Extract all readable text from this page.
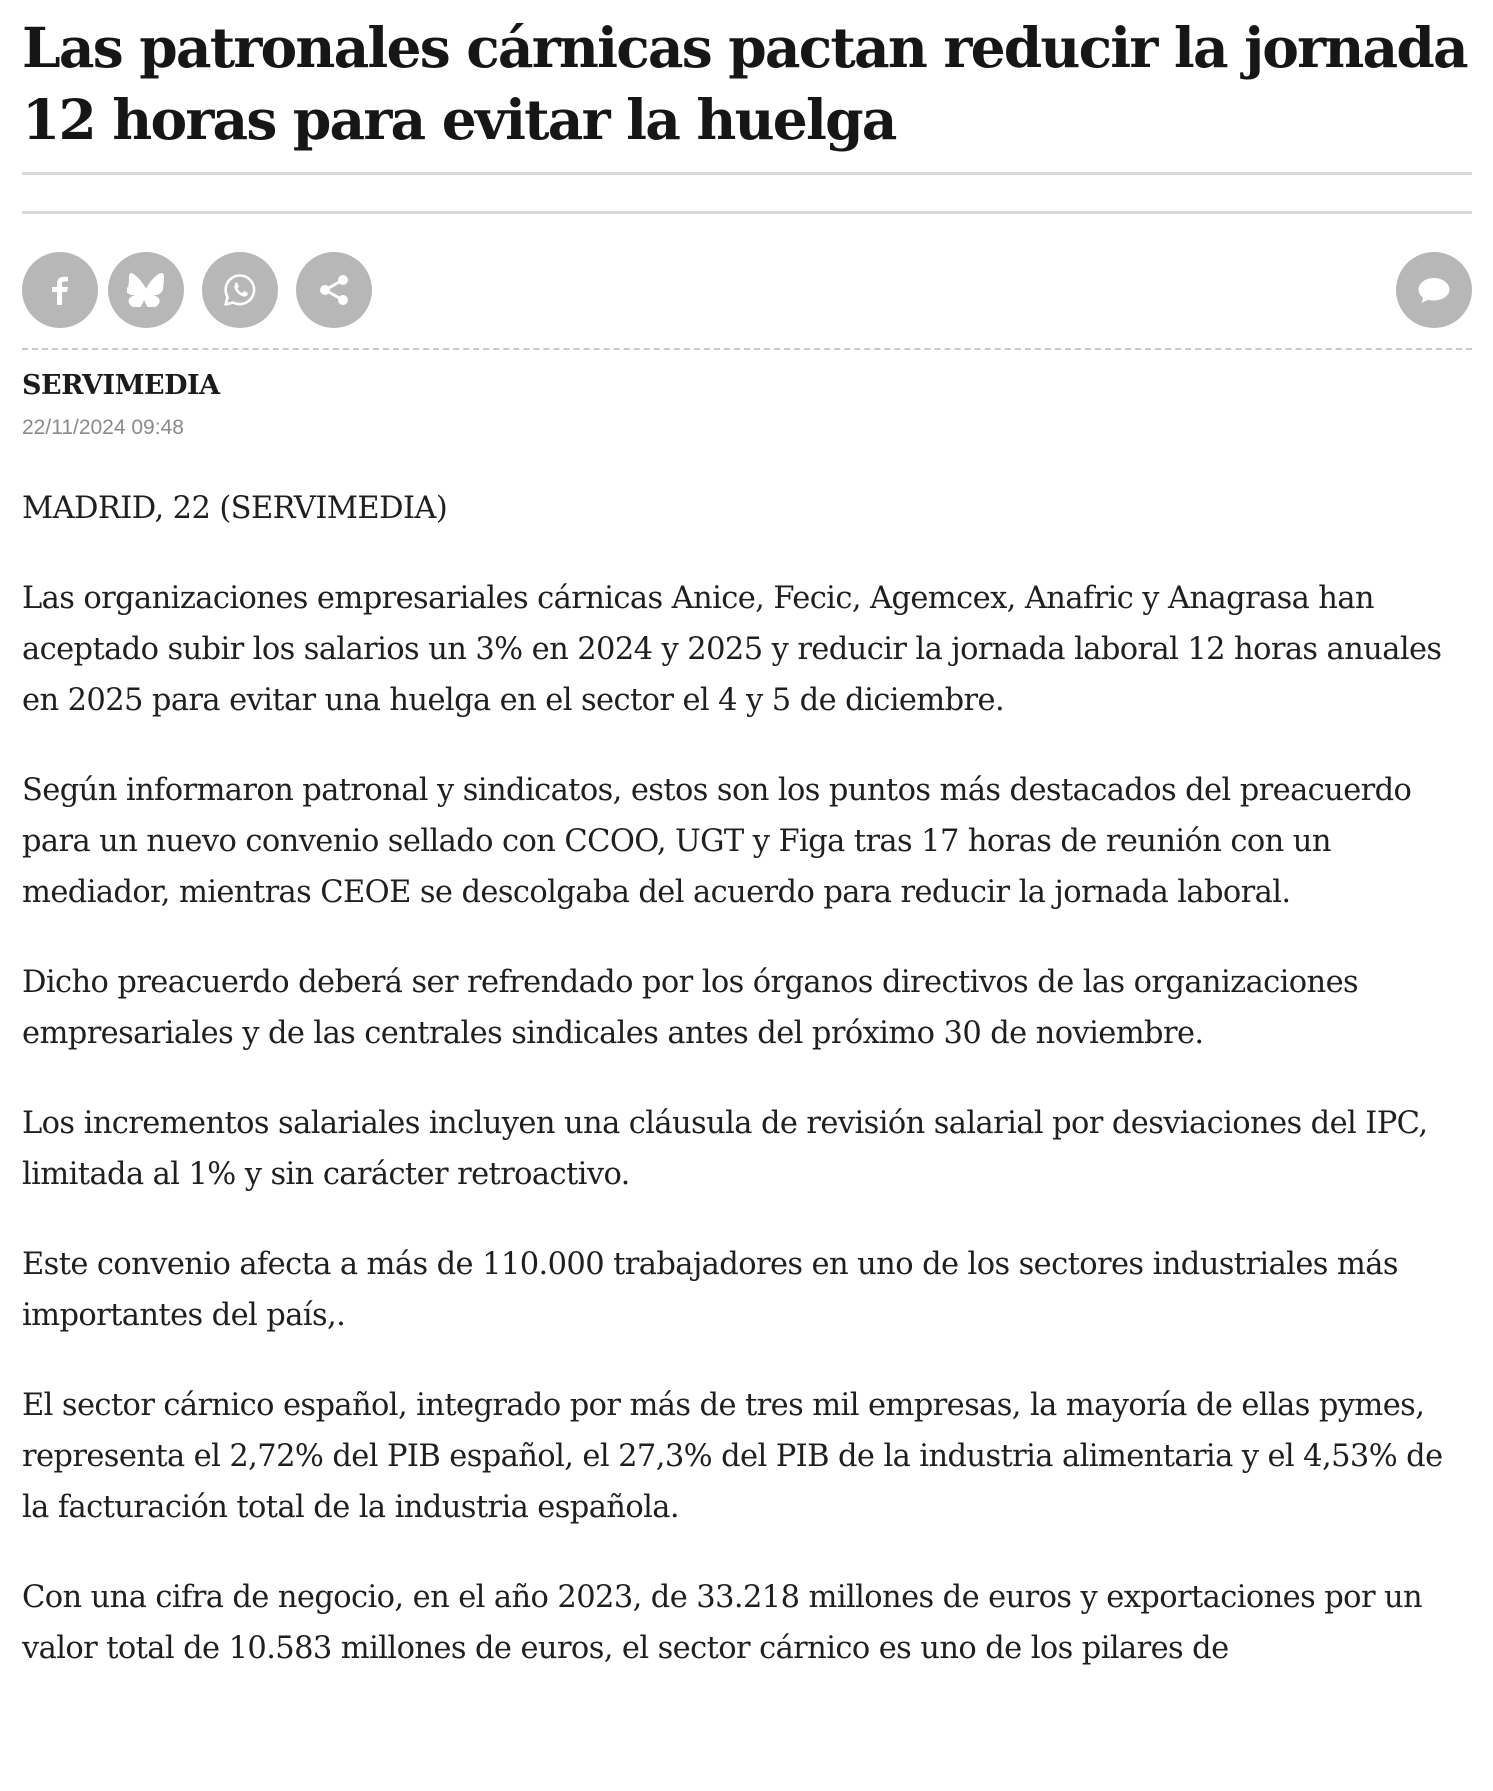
Las patronales cárnicas pactan reducir la jornada 12 horas para evitar la huelga
SERVIMEDIA
22/11/2024 09:48

MADRID, 22 (SERVIMEDIA)

Las organizaciones empresariales cárnicas Anice, Fecic, Agemcex, Anafric y Anagrasa han aceptado subir los salarios un 3% en 2024 y 2025 y reducir la jornada laboral 12 horas anuales en 2025 para evitar una huelga en el sector el 4 y 5 de diciembre.

Según informaron patronal y sindicatos, estos son los puntos más destacados del preacuerdo para un nuevo convenio sellado con CCOO, UGT y Figa tras 17 horas de reunión con un mediador, mientras CEOE se descolgaba del acuerdo para reducir la jornada laboral.

Dicho preacuerdo deberá ser refrendado por los órganos directivos de las organizaciones empresariales y de las centrales sindicales antes del próximo 30 de noviembre.

Los incrementos salariales incluyen una cláusula de revisión salarial por desviaciones del IPC, limitada al 1% y sin carácter retroactivo.

Este convenio afecta a más de 110.000 trabajadores en uno de los sectores industriales más importantes del país,.

El sector cárnico español, integrado por más de tres mil empresas, la mayoría de ellas pymes, representa el 2,72% del PIB español, el 27,3% del PIB de la industria alimentaria y el 4,53% de la facturación total de la industria española.

Con una cifra de negocio, en el año 2023, de 33.218 millones de euros y exportaciones por un valor total de 10.583 millones de euros, el sector cárnico es uno de los pilares de
